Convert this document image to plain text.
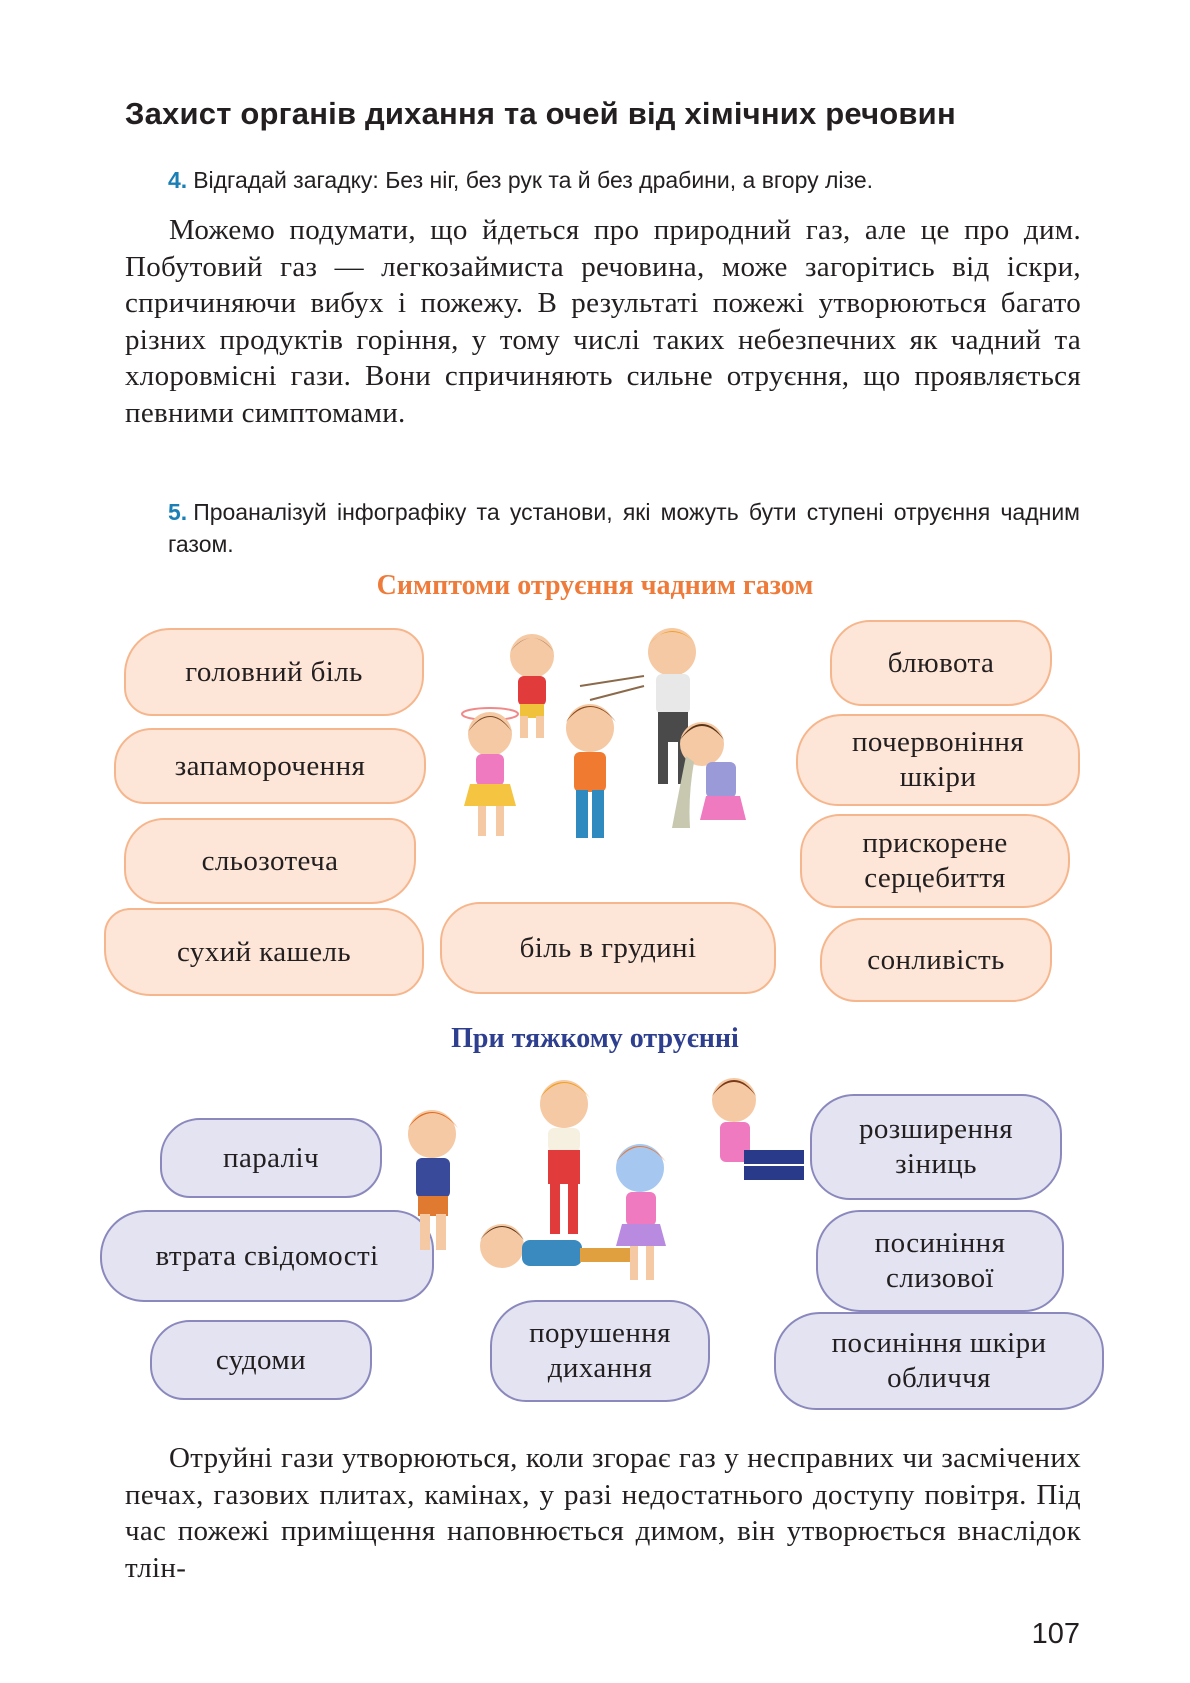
Захист органів дихання та очей від хімічних речовин
4. Відгадай загадку: Без ніг, без рук та й без драбини, а вгору лізе.
Можемо подумати, що йдеться про природний газ, але це про дим. Побутовий газ — легкозаймиста речовина, може загорітись від іскри, спричиняючи вибух і пожежу. В результаті пожежі утворюються багато різних продуктів горіння, у тому числі таких небезпечних як чадний та хлоровмісні гази. Вони спричиняють сильне отруєння, що проявляється певними симптомами.
5. Проаналізуй інфографіку та установи, які можуть бути ступені отруєння чадним газом.
Симптоми отруєння чадним газом
головний біль
запаморочення
сльозотеча
сухий кашель	біль в грудині
блювота
почервоніння шкіри
прискорене серцебиття
сонливість
При тяжкому отруєнні
параліч
втрата свідомості
судоми
порушення дихання
розширення зіниць
посиніння слизової
посиніння шкіри обличчя
Отруйні гази утворюються, коли згорає газ у несправних чи засмічених печах, газових плитах, камінах, у разі недостатнього доступу повітря. Під час пожежі приміщення наповнюється димом, він утворюється внаслідок тлін-
107
